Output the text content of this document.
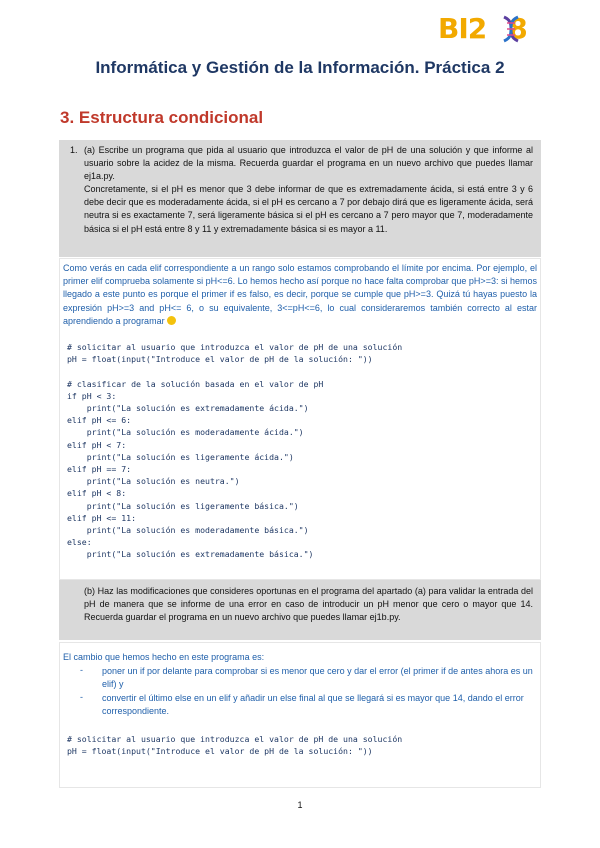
BI2 8
Informática y Gestión de la Información. Práctica 2
3. Estructura condicional
1. (a) Escribe un programa que pida al usuario que introduzca el valor de pH de una solución y que informe al usuario sobre la acidez de la misma. Recuerda guardar el programa en un nuevo archivo que puedes llamar ej1a.py.
Concretamente, si el pH es menor que 3 debe informar de que es extremadamente ácida, si está entre 3 y 6 debe decir que es moderadamente ácida, si el pH es cercano a 7 por debajo dirá que es ligeramente ácida, será neutra si es exactamente 7, será ligeramente básica si el pH es cercano a 7 pero mayor que 7, moderadamente básica si el pH está entre 8 y 11 y extremadamente básica si es mayor a 11.
Como verás en cada elif correspondiente a un rango solo estamos comprobando el límite por encima. Por ejemplo, el primer elif comprueba solamente si pH<=6. Lo hemos hecho así porque no hace falta comprobar que pH>=3: si hemos llegado a este punto es porque el primer if es falso, es decir, porque se cumple que pH>=3. Quizá tú hayas puesto la expresión pH>=3 and pH<= 6, o su equivalente, 3<=pH<=6, lo cual consideraremos también correcto al estar aprendiendo a programar
# solicitar al usuario que introduzca el valor de pH de una solución
pH = float(input("Introduce el valor de pH de la solución: "))

# clasificar de la solución basada en el valor de pH
if pH < 3:
print("La solución es extremadamente ácida.")
elif pH <= 6:
print("La solución es moderadamente ácida.")
elif pH < 7:
print("La solución es ligeramente ácida.")
elif pH == 7:
print("La solución es neutra.")
elif pH < 8:
print("La solución es ligeramente básica.")
elif pH <= 11:
print("La solución es moderadamente básica.")
else:
print("La solución es extremadamente básica.")
(b) Haz las modificaciones que consideres oportunas en el programa del apartado (a) para validar la entrada del pH de manera que se informe de una error en caso de introducir un pH menor que cero o mayor que 14. Recuerda guardar el programa en un nuevo archivo que puedes llamar ej1b.py.
El cambio que hemos hecho en este programa es:
- poner un if por delante para comprobar si es menor que cero y dar el error (el primer if de antes ahora es un elif) y
- convertir el último else en un elif y añadir un else final al que se llegará si es mayor que 14, dando el error correspondiente.
# solicitar al usuario que introduzca el valor de pH de una solución
pH = float(input("Introduce el valor de pH de la solución: "))
1
